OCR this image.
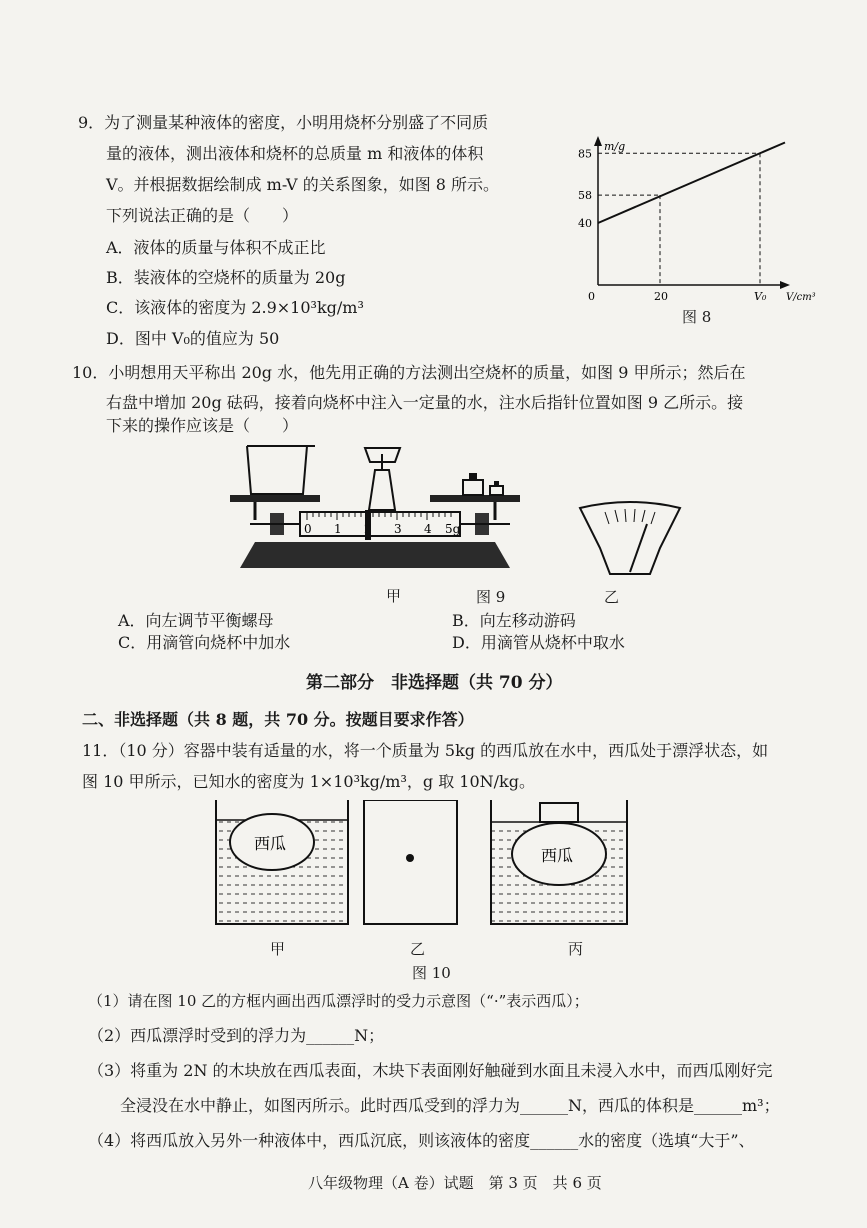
9．为了测量某种液体的密度，小明用烧杯分别盛了不同质
量的液体，测出液体和烧杯的总质量 m 和液体的体积
V。并根据数据绘制成 m-V 的关系图象，如图 8 所示。
下列说法正确的是（　　）
A．液体的质量与体积不成正比
B．装液体的空烧杯的质量为 20g
C．该液体的密度为 2.9×10³kg/m³
D．图中 V₀的值应为 50
m/g
V/cm³
40
58
85
0	20	V₀
图 8
10．小明想用天平称出 20g 水，他先用正确的方法测出空烧杯的质量，如图 9 甲所示；然后在
右盘中增加 20g 砝码，接着向烧杯中注入一定量的水，注水后指针位置如图 9 乙所示。接
下来的操作应该是（　　）
0 1	3 4 5g
甲	图 9	乙
A．向左调节平衡螺母	B．向左移动游码
C．用滴管向烧杯中加水	D．用滴管从烧杯中取水
第二部分　非选择题（共 70 分）
二、非选择题（共 8 题，共 70 分。按题目要求作答）
11．（10 分）容器中装有适量的水，将一个质量为 5kg 的西瓜放在水中，西瓜处于漂浮状态，如
图 10 甲所示，已知水的密度为 1×10³kg/m³，g 取 10N/kg。
西瓜
西瓜
甲	乙	丙
图 10
（1）请在图 10 乙的方框内画出西瓜漂浮时的受力示意图（“·”表示西瓜）；
（2）西瓜漂浮时受到的浮力为______N；
（3）将重为 2N 的木块放在西瓜表面，木块下表面刚好触碰到水面且未浸入水中，而西瓜刚好完
全浸没在水中静止，如图丙所示。此时西瓜受到的浮力为______N，西瓜的体积是______m³；
（4）将西瓜放入另外一种液体中，西瓜沉底，则该液体的密度______水的密度（选填“大于”、
八年级物理（A 卷）试题　第 3 页　共 6 页
